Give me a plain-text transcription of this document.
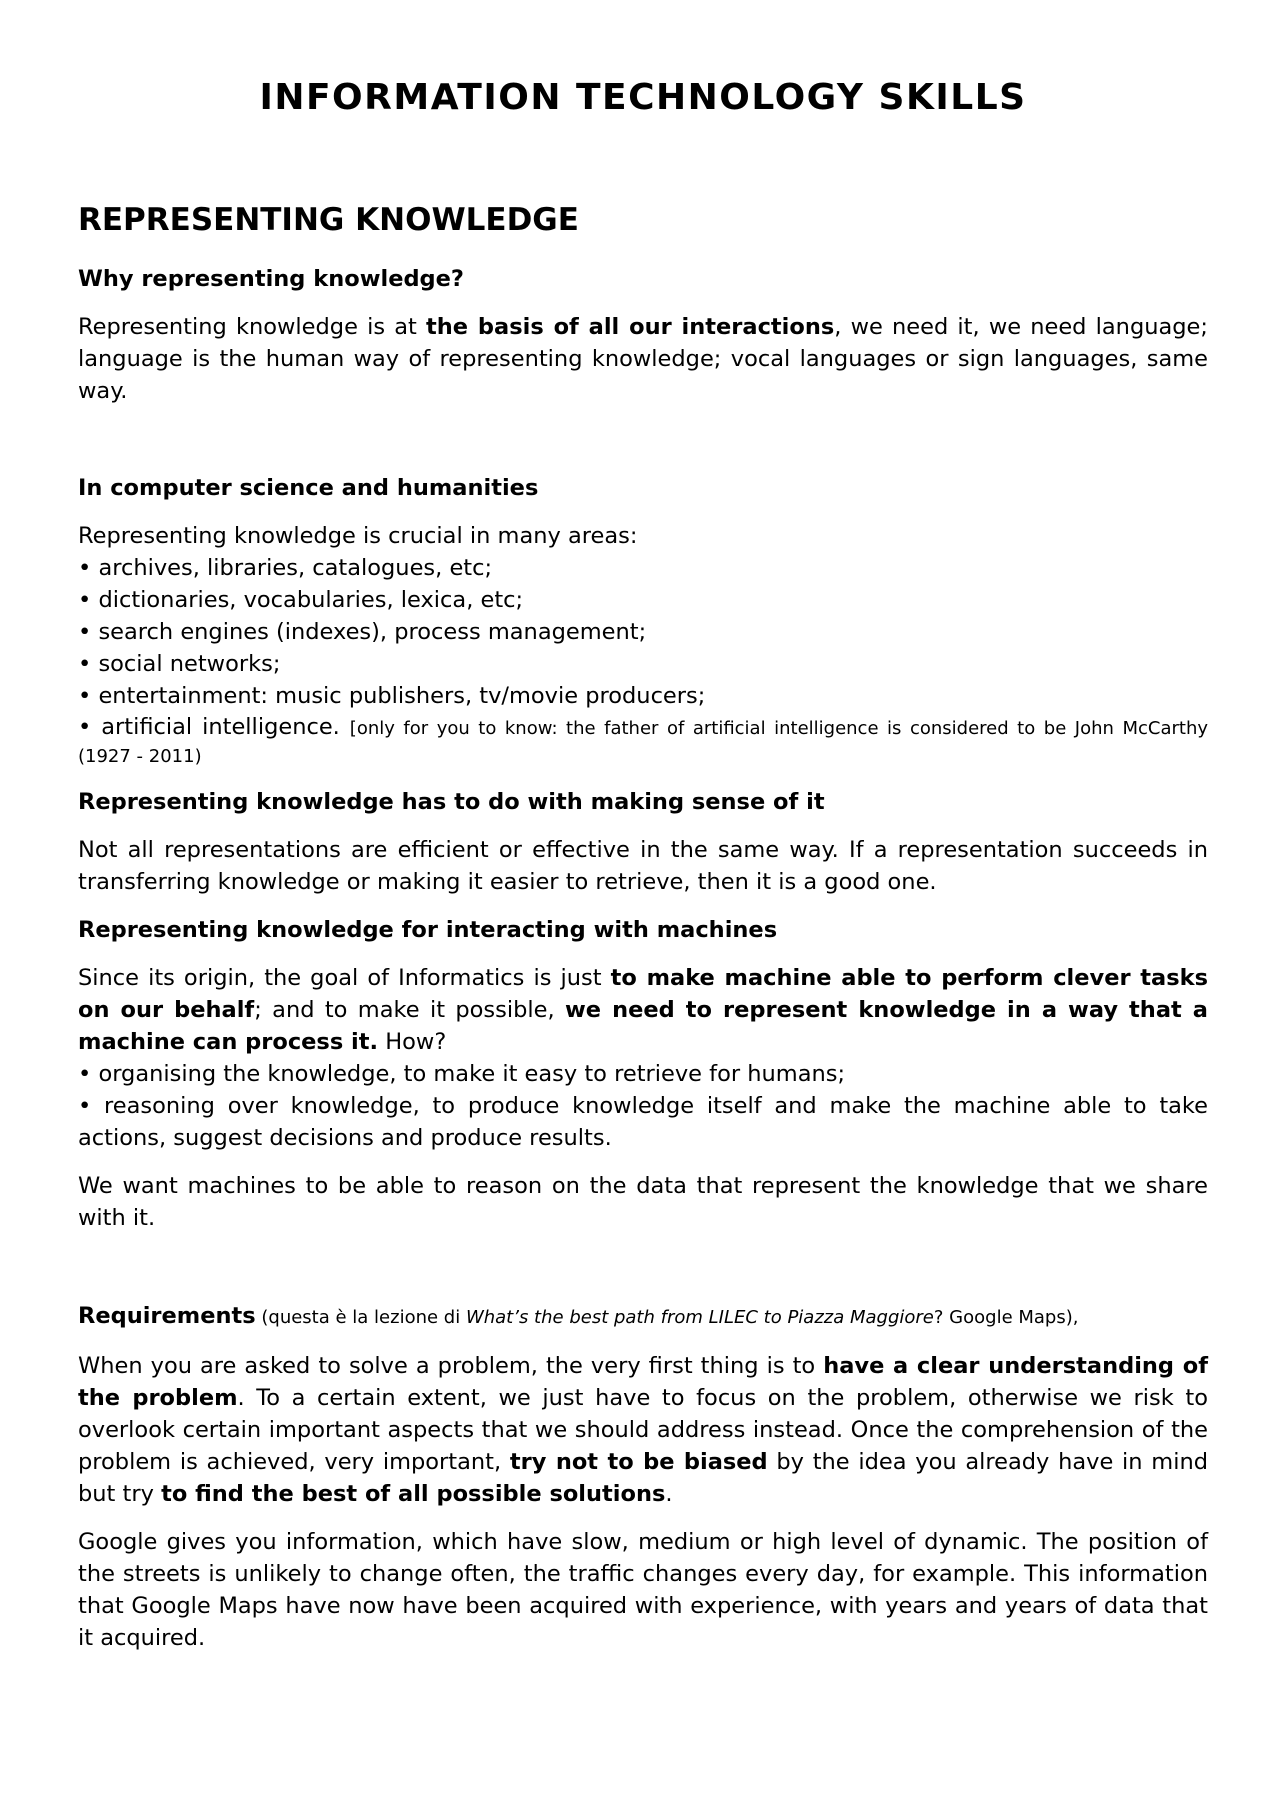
INFORMATION TECHNOLOGY SKILLS
REPRESENTING KNOWLEDGE
Why representing knowledge?

Representing knowledge is at the basis of all our interactions, we need it, we need language; language is the human way of representing knowledge; vocal languages or sign languages, same way.

In computer science and humanities
Representing knowledge is crucial in many areas:
• archives, libraries, catalogues, etc;
• dictionaries, vocabularies, lexica, etc;
• search engines (indexes), process management;
• social networks;
• entertainment: music publishers, tv/movie producers;

• artificial intelligence. [only for you to know: the father of artificial intelligence is considered to be John McCarthy (1927 - 2011)

Representing knowledge has to do with making sense of it

Not all representations are efficient or effective in the same way. If a representation succeeds in transferring knowledge or making it easier to retrieve, then it is a good one.

Representing knowledge for interacting with machines
Since its origin, the goal of Informatics is just to make machine able to perform clever tasks on our behalf; and to make it possible, we need to represent knowledge in a way that a machine can process it. How?
• organising the knowledge, to make it easy to retrieve for humans;
• reasoning over knowledge, to produce knowledge itself and make the machine able to take actions, suggest decisions and produce results.

We want machines to be able to reason on the data that represent the knowledge that we share with it.

Requirements (questa è la lezione di What’s the best path from LILEC to Piazza Maggiore? Google Maps),

When you are asked to solve a problem, the very first thing is to have a clear understanding of the problem. To a certain extent, we just have to focus on the problem, otherwise we risk to overlook certain important aspects that we should address instead. Once the comprehension of the problem is achieved, very important, try not to be biased by the idea you already have in mind but try to find the best of all possible solutions.

Google gives you information, which have slow, medium or high level of dynamic. The position of the streets is unlikely to change often, the traffic changes every day, for example. This information that Google Maps have now have been acquired with experience, with years and years of data that it acquired.
